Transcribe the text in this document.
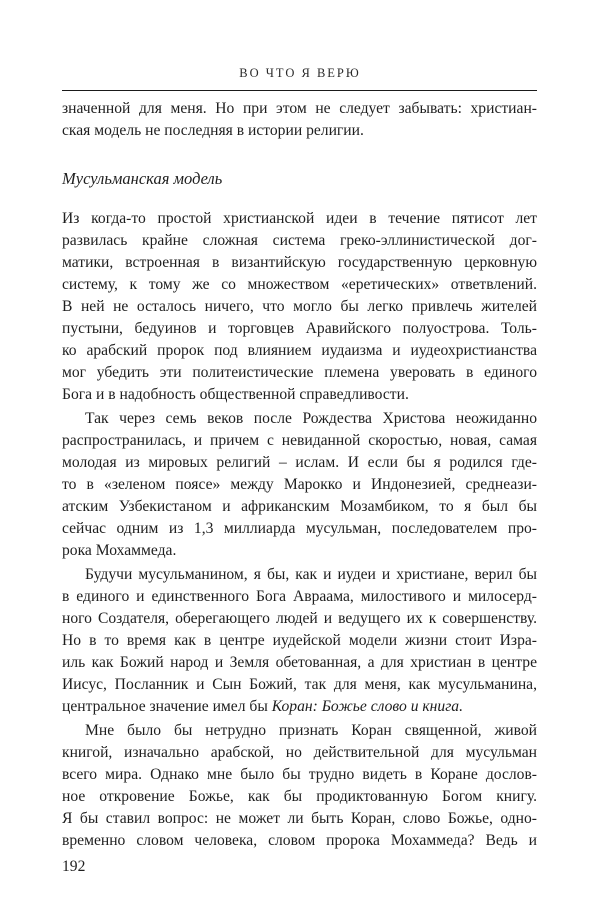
ВО ЧТО Я ВЕРЮ
значенной для меня. Но при этом не следует забывать: христиан-
ская модель не последняя в истории религии.
Мусульманская модель
Из когда-то простой христианской идеи в течение пятисот лет
развилась крайне сложная система греко-эллинистической дог-
матики, встроенная в византийскую государственную церковную
систему, к тому же со множеством «еретических» ответвлений.
В ней не осталось ничего, что могло бы легко привлечь жителей
пустыни, бедуинов и торговцев Аравийского полуострова. Толь-
ко арабский пророк под влиянием иудаизма и иудеохристианства
мог убедить эти политеистические племена уверовать в единого
Бога и в надобность общественной справедливости.
Так через семь веков после Рождества Христова неожиданно
распространилась, и причем с невиданной скоростью, новая, самая
молодая из мировых религий – ислам. И если бы я родился где-
то в «зеленом поясе» между Марокко и Индонезией, среднеази-
атским Узбекистаном и африканским Мозамбиком, то я был бы
сейчас одним из 1,3 миллиарда мусульман, последователем про-
рока Мохаммеда.
Будучи мусульманином, я бы, как и иудеи и христиане, верил бы
в единого и единственного Бога Авраама, милостивого и милосерд-
ного Создателя, оберегающего людей и ведущего их к совершенству.
Но в то время как в центре иудейской модели жизни стоит Изра-
иль как Божий народ и Земля обетованная, а для христиан в центре
Иисус, Посланник и Сын Божий, так для меня, как мусульманина,
центральное значение имел бы Коран: Божье слово и книга.
Мне было бы нетрудно признать Коран священной, живой
книгой, изначально арабской, но действительной для мусульман
всего мира. Однако мне было бы трудно видеть в Коране дослов-
ное откровение Божье, как бы продиктованную Богом книгу.
Я бы ставил вопрос: не может ли быть Коран, слово Божье, одно-
временно словом человека, словом пророка Мохаммеда? Ведь и
192
